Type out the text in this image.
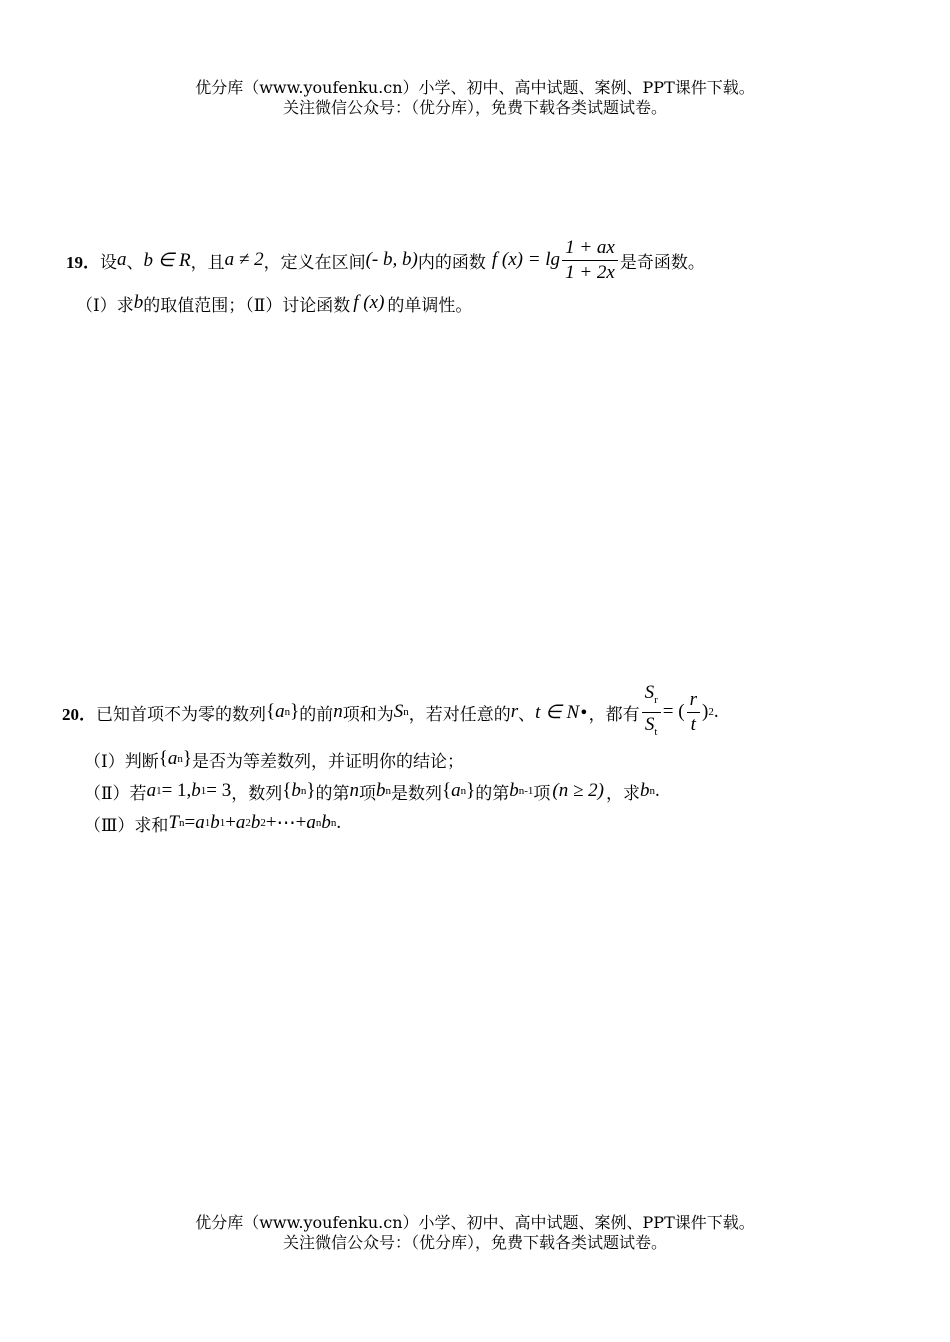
优分库（www.youfenku.cn）小学、初中、高中试题、案例、PPT课件下载。
关注微信公众号：（优分库），免费下载各类试题试卷。
19． 设 a 、 b ∈ R ，且 a ≠ 2 ，定义在区间 (- b, b) 内的函数 f $(x) = \lg \frac{1 + ax}{1 + 2x}$ 是奇函数。
（Ⅰ）求 b 的取值范围；（Ⅱ）讨论函数 f (x) 的单调性。
20． 已知首项不为零的数列 { a n } 的前 n 项和为 S n ，若对任意的 r 、 t ∈ N • ，都有 $\frac{S_r}{S_t}$ = ( $\frac{r}{t}$ ) 2 .
（Ⅰ）判断 { a n } 是否为等差数列，并证明你的结论；
（Ⅱ）若 a 1 = 1, b 1 = 3 ，数列 { b n } 的第 n 项 b n 是数列 { a n } 的第 b n-1 项 (n ≥ 2) ，求 b n .
（Ⅲ）求和 T n = a 1 b 1 + a 2 b 2 + ⋯ + a n b n .
优分库（www.youfenku.cn）小学、初中、高中试题、案例、PPT课件下载。
关注微信公众号：（优分库），免费下载各类试题试卷。
